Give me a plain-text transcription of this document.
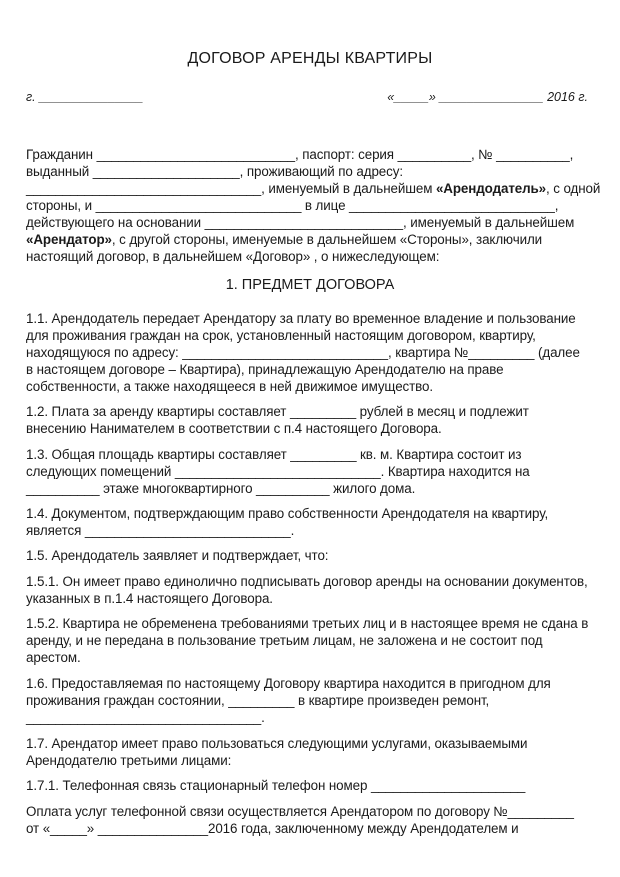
ДОГОВОР АРЕНДЫ КВАРТИРЫ
г. _______________	«_____» _______________ 2016 г.
Гражданин ___________________________, паспорт: серия __________, № __________,
выданный ____________________, проживающий по адресу:
________________________________, именуемый в дальнейшем «Арендодатель», с одной
стороны, и ____________________________ в лице ____________________________,
действующего на основании ___________________________, именуемый в дальнейшем
«Арендатор», с другой стороны, именуемые в дальнейшем «Стороны», заключили
настоящий договор, в дальнейшем «Договор» , о нижеследующем:
1. ПРЕДМЕТ ДОГОВОРА
1.1. Арендодатель передает Арендатору за плату во временное владение и пользование
для проживания граждан на срок, установленный настоящим договором, квартиру,
находящуюся по адресу: ____________________________, квартира №_________ (далее
в настоящем договоре – Квартира), принадлежащую Арендодателю на праве
собственности, а также находящееся в ней движимое имущество.
1.2. Плата за аренду квартиры составляет _________ рублей в месяц и подлежит
внесению Нанимателем в соответствии с п.4 настоящего Договора.
1.3. Общая площадь квартиры составляет _________ кв. м. Квартира состоит из
следующих помещений ____________________________. Квартира находится на
__________ этаже многоквартирного __________ жилого дома.
1.4. Документом, подтверждающим право собственности Арендодателя на квартиру,
является ____________________________.
1.5. Арендодатель заявляет и подтверждает, что:
1.5.1. Он имеет право единолично подписывать договор аренды на основании документов,
указанных в п.1.4 настоящего Договора.
1.5.2. Квартира не обременена требованиями третьих лиц и в настоящее время не сдана в
аренду, и не передана в пользование третьим лицам, не заложена и не состоит под
арестом.
1.6. Предоставляемая по настоящему Договору квартира находится в пригодном для
проживания граждан состоянии, _________ в квартире произведен ремонт,
________________________________.
1.7. Арендатор имеет право пользоваться следующими услугами, оказываемыми
Арендодателю третьими лицами:
1.7.1. Телефонная связь стационарный телефон номер _____________________
Оплата услуг телефонной связи осуществляется Арендатором по договору №_________
от «_____» _______________2016 года, заключенному между Арендодателем и
